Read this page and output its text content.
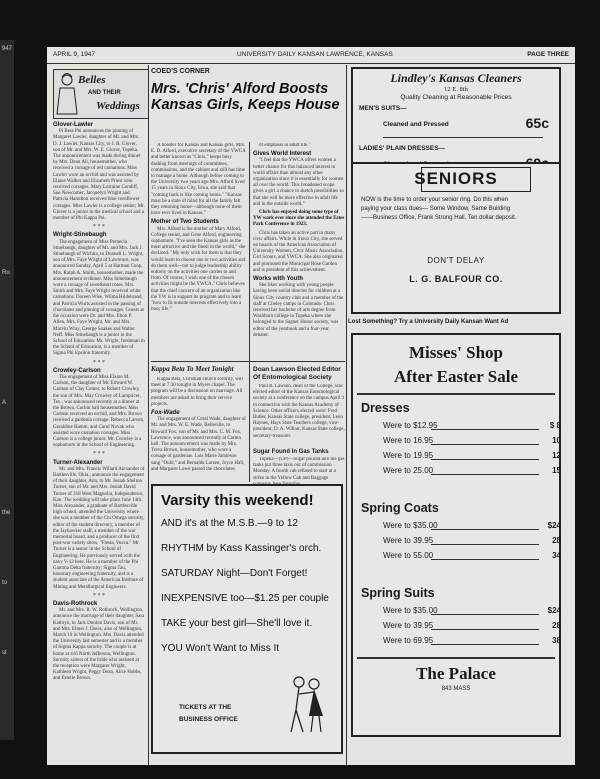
947
Ru
A
the
to
st
APRIL 9, 1947	UNIVERSITY DAILY KANSAN LAWRENCE, KANSAS	PAGE THREE
Belles
AND THEIR
Weddings
Glover-Lawler

Pi Beta Phi announces the pinning of Margaret Lawler, daughter of Mr. and Mrs. D. J. Lawler, Kansas City, to J. B. Glover, son of Mr. and Mrs. W. E. Glover, Topeka. The announcement was made during dinner by Mrs. Dean Ali, housemother, who received a corsage of red carnations. Miss Lawler wore an orchid and was assisted by Elaine Walker and Elizabeth Priest who received corsages. Mary Lorraine Condiff, Sue Newcomer, Jacquelyn Wright and Patricia Hamilton received blue cornflower corsages. Miss Lawler is a college senior; Mr. Glover is a junior in the medical school and a member of Phi Kappa Psi.

* * *
Wright-Stinebaugh

The engagement of Miss Pernecia Stinebaugh, daughter of Mr. and Mrs. Jack J. Stinebaugh of Wichita, to Donnell L. Wright, son of Mrs. Faye Wright of Lawrence, was announced Sunday, April 5 at Harman Coop. Mrs. Ralph A. Smith, housemother, made the announcement at dinner. Miss Stinebaugh wore a corsage of sweetheart roses. Mrs. Smith and Mrs. Faye Wright received white carnations. Doreen Wise, Wilma Hildebrand, and Patricia Wurts assisted in the passing of chocolates and pinning of corsages. Guests at the occasion were Dr. and Mrs. Elton P. Allen, Mrs. Faye Wright, Mr. and Mrs. Marvin Wray, George Soakes and Walter Neff. Miss Stinebaugh is a junior in the School of Education. Mr. Wright, freshman in the School of Education, is a member of Sigma Phi Epsilon fraternity.

* * *
Crowley-Carlson

The engagement of Miss Elaine M. Carlson, the daughter of Mr. Edward W. Carlson of Clay Center, to Robert Crowley, the son of Mrs. May Crowley of Lampricer, Tex., was announced recently at a dinner at the Brown, Corbin hall housemother. Miss Carlson received an orchid, and Mrs. Brown received a gardenia corsage. Rebecca Larson, Geraldine Hamm, and Carol Novak who assisted wore carnation corsages. Miss Carlson is a college junior. Mr. Crowley is a sophomore in the School of Engineering.

* * *
Turner-Alexander

Mr. and Mrs. Francis Willard Alexander of Bartlesville, Okla., announce the engagement of their daughter, Ann, to Mr. Josiah Shelton Turner, son of Mr. and Mrs. Josiah David Turner of 318 West Magnolia, Independence, Kan. The wedding will take place June 14th. Miss Alexander, a graduate of Bartlesville high school, attended the University where she was a member of the Chi Omega sorority, editor of the student directory, a member of the Jayhawker staff, a member of the war memorial board, and a producer of the first post-war variety show, "Fiesta, Yucca." Mr. Turner is a senior in the School of Engineering. He previously served with the navy V-12 here. He is a member of the Phi Gamma Delta fraternity; Sigma Tau, honorary engineering fraternity, and is a student associate of the American Institute of Mining and Metallurgical Engineers.

* * *
Davis-Rothrock

Mr. and Mrs. R. W. Rothrock, Wellington, announce the marriage of their daughter, Sara Kathryn, to Jack Donlon Davis, son of Mr. and Mrs. Elmer J. Davis, also of Wellington, March 16 in Wellington. Mrs. Davis attended the University last semester and is a member of Sigma Kappa sorority. The couple is at home at 416 North Jefferson, Wellington. Sorority sisters of the bride who assisted at the reception were Margaret Wright, Kathleen Wright, Peggy Dean, Alice Hobbs, and Estelle Brown.

COED'S CORNER
Mrs. 'Chris' Alford Boosts Kansas Girls, Keeps House

A booster for Kansas and Kansas girls, Mrs. E. D. Alford, executive secretary of the YWCA and better known as "Chris," keeps busy dashing from meetings of committees, commissions, and the cabinet and still has time to manage a home. Although before coming to the University two years ago Mrs. Alford lived 15 years in Sioux City, Iowa, she said that "coming back is like coming home." "Kansas must be a state of mind for all the family felt they returning home—although none of them have ever lived in Kansas."

Mother of Two Students

Mrs. Alford is the mother of Mary Alford, College senior, and Gene Alford, engineering sophomore. "I've seen the Kansas girls as the most attractive and the finest in the world," she declared. "My only wish for them is that they would learn to choose one or two activities and do them well—not to judge leadership ability entirely on the activities one carries to and from. Of course, I wish one of the chosen activities might be the YWCA." Chris believes that the chief concern of an organization like the YW is to support its program and to learn "how to fit outside interests effectively into a busy life."

of emphasis in adult life."

Gives World Interest

"I feel that the YWCA offers women a better chance for this balanced interest in world affairs than almost any other organization since it is essentially for women all over the world. This broadened scope gives a girl a chance to sketch possibilities so that she will be more effective in adult life and in the outside world."

Chris has enjoyed doing some type of YW work ever since she attended the Estes Park Conference in 1923.

Chris has taken an active part in many civic affairs. While in Sioux City, she served on boards of the American Association of University Women, Civic Music Association, Girl Scouts, and YWCA. She also originated and promoted the Municipal Rose Garden and is president of this achievement.

Works with Youth

She likes working with young people having been social director for children at a Sioux City country club and a member of the staff at Cheley camps in Colorado. Chris received her bachelor of arts degree from Washburn college in Topeka where she belonged to the Sagner Honor society, was editor of the yearbook and a four-year debater.

Kappa Beta To Meet Tonight

Kappa Beta, Christian church sorority, will meet at 7:30 tonight in Myers chapel. The program will be a discussion on marriage. All members are asked to bring their service projects.

Fox-Wade

The engagement of Coral Wade, daughter of Mr. and Mrs. W. E. Wade, Belleville, to Howard Fox, son of Mr. and Mrs. C. M. Fox, Lawrence, was announced recently at Carbin hall. The announcement was made by Mrs. Treva Brown, housemother, who wore a corsage of gardenias. Lois Marie Jamieson sang "Ould," and Bernalda Larsen, Joyce Hall, and Margaret Lowe passed the chocolates.

Doan Lawson Elected Editor Of Entomological Society

Paul B. Lawson, dean of the College, was elected editor of the Kansas Entomological society at a conference on the campus April 3 in connection with the Kansas Academy of Science. Other officers elected were: Fred Butler, Kansas State college, president; Leon Haynes, Hays State Teachers college, vice-president; D. A. Wilbur, Kansas State college, secretary-treasurer.

Sugar Found In Gas Tanks

Topeka—(UP)—Sugar poured into the gas tanks put three taxis out of commission Monday. A fourth cab refused to start at a strike in the Yellow Cab and Baggage

Varsity this weekend!
AND it's at the M.S.B.—9 to 12
RHYTHM by Kass Kassinger's orch.
SATURDAY Night—Don't Forget!
INEXPENSIVE too—$1.25 per couple
TAKE your best girl—She'll love it.
YOU Won't Want to Miss It
TICKETS AT THE
BUSINESS OFFICE
Lindley's Kansas Cleaners
12 E. 8th
Quality Cleaning at Reasonable Prices
MEN'S SUITS—
Cleaned and Pressed	65c
LADIES' PLAIN DRESSES—
SENIORS
NOW is the time to order your senior ring. Do this when paying your class dues— Some Window, Same Building——Business Office, Frank Strong Hall. Ten dollar deposit.
DON'T DELAY
L. G. BALFOUR CO.
Lost Something? Try a University Daily Kansan Want Ad
Misses' Shop
After Easter Sale
Dresses
Were to $12.95	$ 8
Were to 16.95	10
Were to 19.95	12
Were to 25.00	15
Spring Coats
Were to $35.00	$24
Were to 39.95	28
Were to 55.00	34
Spring Suits
Were to $35.00	$24
Were to 39.95	28
Were to 69.95	38
The Palace
843 MASS
